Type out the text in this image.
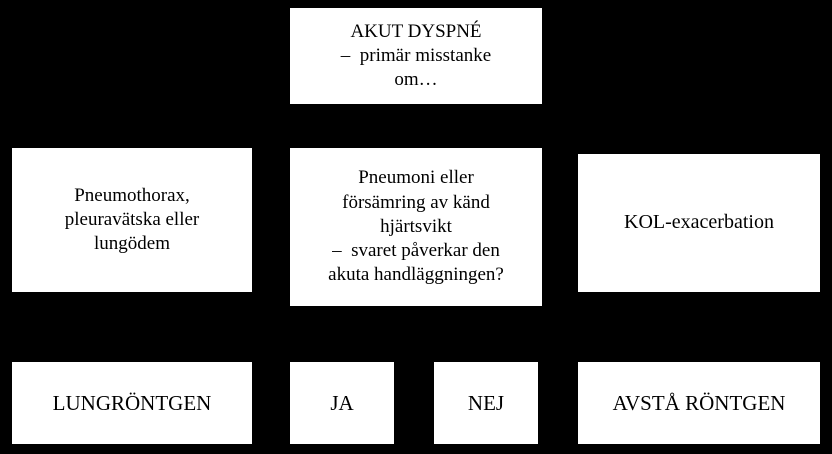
AKUT DYSPNÉ
–  primär misstanke
om…
Pneumothorax,
pleuravätska eller
lungödem
Pneumoni eller
försämring av känd
hjärtsvikt
–  svaret påverkar den
akuta handläggningen?
KOL-exacerbation
LUNGRÖNTGEN	JA	NEJ	AVSTÅ RÖNTGEN
